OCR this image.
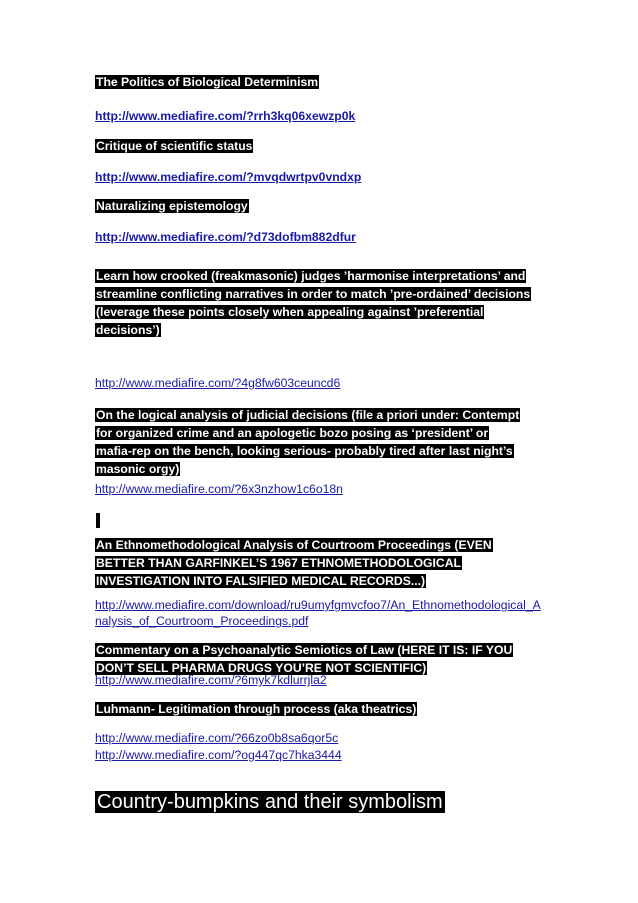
The Politics of Biological Determinism
http://www.mediafire.com/?rrh3kq06xewzp0k
Critique of scientific status
http://www.mediafire.com/?mvqdwrtpv0vndxp
Naturalizing epistemology
http://www.mediafire.com/?d73dofbm882dfur
Learn how crooked (freakmasonic) judges ’harmonise interpretations’ and streamline conflicting narratives in order to match ’pre-ordained’ decisions (leverage these points closely when appealing against ’preferential decisions’)
http://www.mediafire.com/?4g8fw603ceuncd6
On the logical analysis of judicial decisions (file a priori under: Contempt for organized crime and an apologetic bozo posing as ‘president’ or mafia-rep on the bench, looking serious- probably tired after last night’s masonic orgy)
http://www.mediafire.com/?6x3nzhow1c6o18n
An Ethnomethodological Analysis of Courtroom Proceedings (EVEN BETTER THAN GARFINKEL’S 1967 ETHNOMETHODOLOGICAL INVESTIGATION INTO FALSIFIED MEDICAL RECORDS...)
http://www.mediafire.com/download/ru9umyfgmvcfoo7/An_Ethnomethodological_Analysis_of_Courtroom_Proceedings.pdf
Commentary on a Psychoanalytic Semiotics of Law (HERE IT IS: IF YOU DON’T SELL PHARMA DRUGS YOU’RE NOT SCIENTIFIC)
http://www.mediafire.com/?6myk7kdlurrjla2
Luhmann- Legitimation through process (aka theatrics)
http://www.mediafire.com/?66zo0b8sa6qor5c
http://www.mediafire.com/?og447qc7hka3444
Country-bumpkins and their symbolism
